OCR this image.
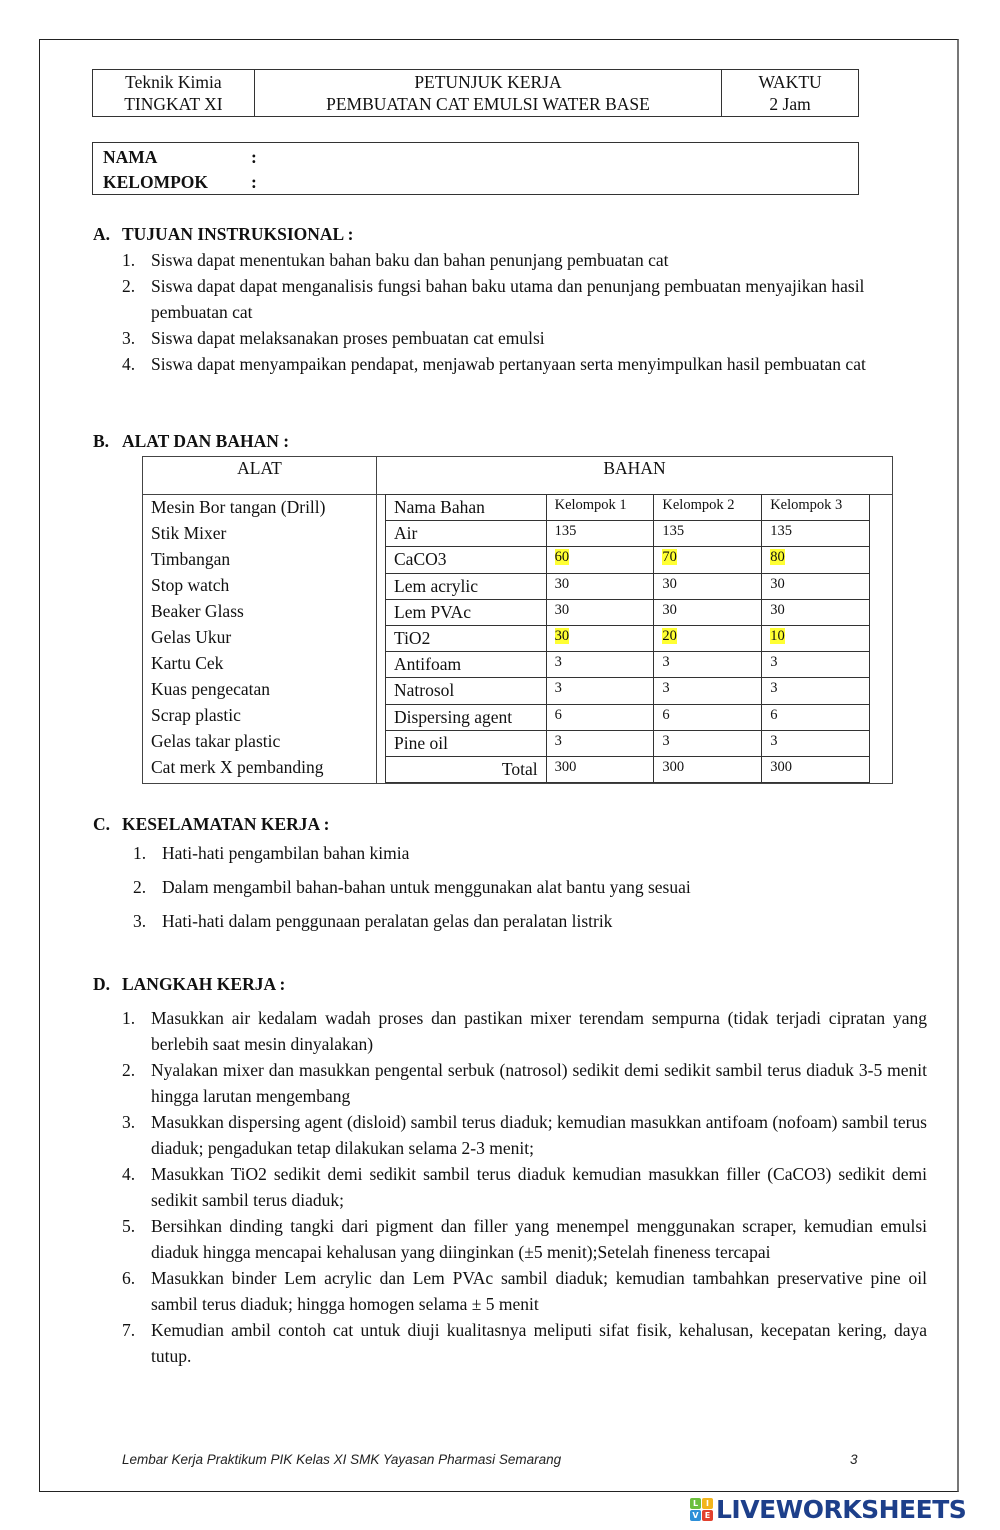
Teknik Kimia
TINGKAT XI

PETUNJUK KERJA
PEMBUATAN CAT EMULSI WATER BASE

WAKTU
2 Jam
NAMA	:
KELOMPOK	:
A. TUJUAN INSTRUKSIONAL :
1. Siswa dapat menentukan bahan baku dan bahan penunjang pembuatan cat
2. Siswa dapat dapat menganalisis fungsi bahan baku utama dan penunjang pembuatan menyajikan hasil pembuatan cat
3. Siswa dapat melaksanakan proses pembuatan cat emulsi
4. Siswa dapat menyampaikan pendapat, menjawab pertanyaan serta menyimpulkan hasil pembuatan cat
B. ALAT DAN BAHAN :
ALAT	BAHAN
Mesin Bor tangan (Drill)
Stik Mixer
Timbangan
Stop watch
Beaker Glass
Gelas Ukur
Kartu Cek
Kuas pengecatan
Scrap plastic
Gelas takar plastic
Cat merk X pembanding
Nama Bahan	Kelompok 1	Kelompok 2	Kelompok 3
Air	135	135	135
CaCO3	60	70	80
Lem acrylic	30	30	30
Lem PVAc	30	30	30
TiO2	30	20	10
Antifoam	3	3	3
Natrosol	3	3	3
Dispersing agent	6	6	6
Pine oil	3	3	3
Total	300	300	300
C. KESELAMATAN KERJA :
1. Hati-hati pengambilan bahan kimia
2. Dalam mengambil bahan-bahan untuk menggunakan alat bantu yang sesuai
3. Hati-hati dalam penggunaan peralatan gelas dan peralatan listrik
D. LANGKAH KERJA :
1. Masukkan air kedalam wadah proses dan pastikan mixer terendam sempurna (tidak terjadi cipratan yang berlebih saat mesin dinyalakan)
2. Nyalakan mixer dan masukkan pengental serbuk (natrosol) sedikit demi sedikit sambil terus diaduk 3-5 menit hingga larutan mengembang
3. Masukkan dispersing agent (disloid) sambil terus diaduk; kemudian masukkan antifoam (nofoam) sambil terus diaduk; pengadukan tetap dilakukan selama 2-3 menit;
4. Masukkan TiO2 sedikit demi sedikit sambil terus diaduk kemudian masukkan filler (CaCO3) sedikit demi sedikit sambil terus diaduk;
5. Bersihkan dinding tangki dari pigment dan filler yang menempel menggunakan scraper, kemudian emulsi diaduk hingga mencapai kehalusan yang diinginkan (±5 menit);Setelah fineness tercapai
6. Masukkan binder Lem acrylic dan Lem PVAc sambil diaduk; kemudian tambahkan preservative pine oil sambil terus diaduk; hingga homogen selama ± 5 menit
7. Kemudian ambil contoh cat untuk diuji kualitasnya meliputi sifat fisik, kehalusan, kecepatan kering, daya tutup.
Lembar Kerja Praktikum PIK Kelas XI SMK Yayasan Pharmasi Semarang	3
L I
V E LIVEWORKSHEETS
